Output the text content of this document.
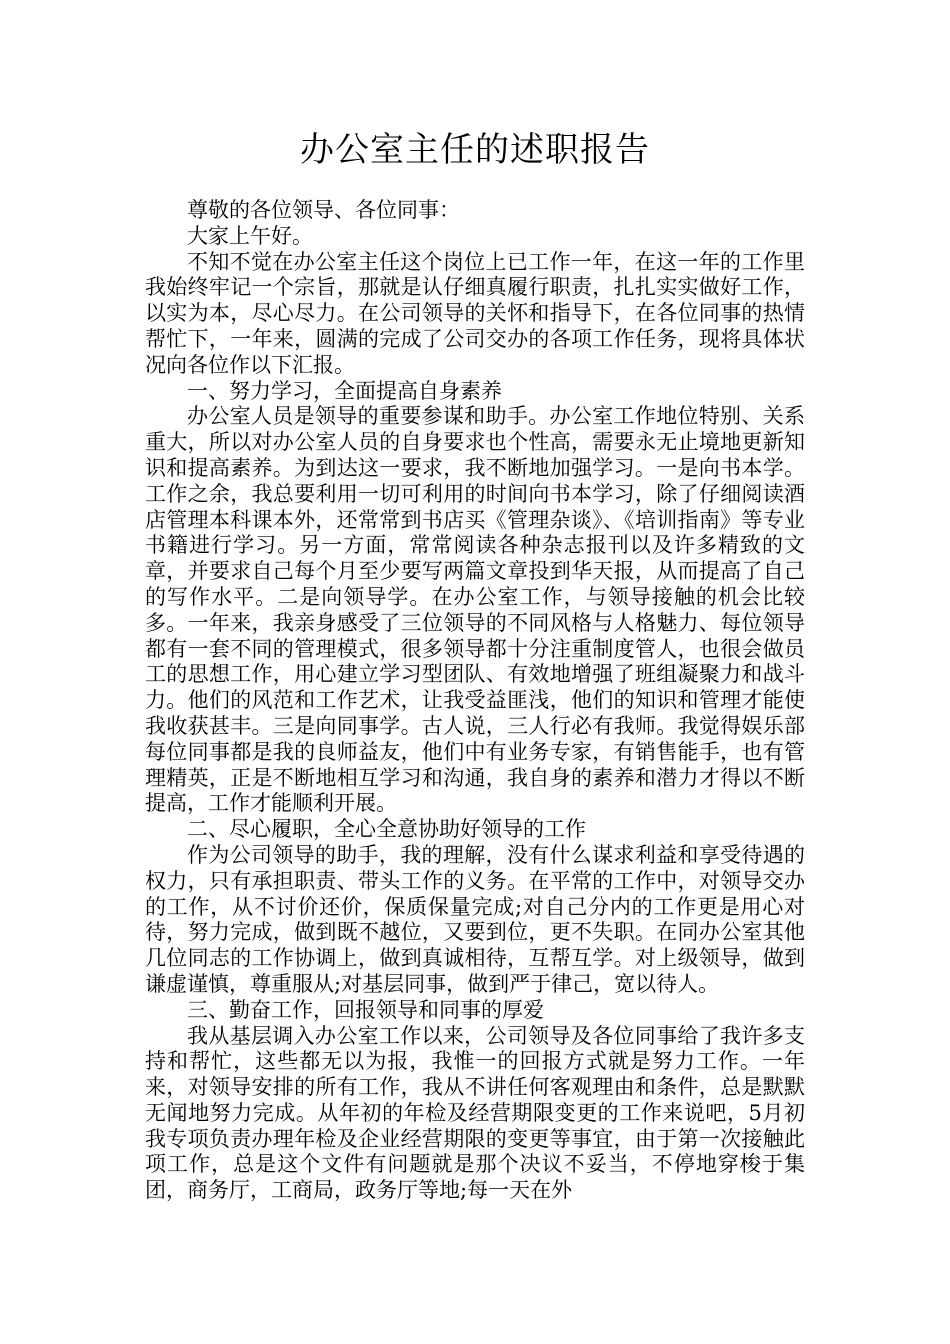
办公室主任的述职报告

尊敬的各位领导、各位同事：

大家上午好。

不知不觉在办公室主任这个岗位上已工作一年，在这一年的工作里我始终牢记一个宗旨，那就是认仔细真履行职责，扎扎实实做好工作，以实为本，尽心尽力。在公司领导的关怀和指导下，在各位同事的热情帮忙下，一年来，圆满的完成了公司交办的各项工作任务，现将具体状况向各位作以下汇报。

一、努力学习，全面提高自身素养

办公室人员是领导的重要参谋和助手。办公室工作地位特别、关系重大，所以对办公室人员的自身要求也个性高，需要永无止境地更新知识和提高素养。为到达这一要求，我不断地加强学习。一是向书本学。工作之余，我总要利用一切可利用的时间向书本学习，除了仔细阅读酒店管理本科课本外，还常常到书店买《管理杂谈》、《培训指南》等专业书籍进行学习。另一方面，常常阅读各种杂志报刊以及许多精致的文章，并要求自己每个月至少要写两篇文章投到华天报，从而提高了自己的写作水平。二是向领导学。在办公室工作，与领导接触的机会比较多。一年来，我亲身感受了三位领导的不同风格与人格魅力、每位领导都有一套不同的管理模式，很多领导都十分注重制度管人，也很会做员工的思想工作，用心建立学习型团队、有效地增强了班组凝聚力和战斗力。他们的风范和工作艺术，让我受益匪浅，他们的知识和管理才能使我收获甚丰。三是向同事学。古人说，三人行必有我师。我觉得娱乐部每位同事都是我的良师益友，他们中有业务专家，有销售能手，也有管理精英，正是不断地相互学习和沟通，我自身的素养和潜力才得以不断提高，工作才能顺利开展。

二、尽心履职，全心全意协助好领导的工作

作为公司领导的助手，我的理解，没有什么谋求利益和享受待遇的权力，只有承担职责、带头工作的义务。在平常的工作中，对领导交办的工作，从不讨价还价，保质保量完成;对自己分内的工作更是用心对待，努力完成，做到既不越位，又要到位，更不失职。在同办公室其他几位同志的工作协调上，做到真诚相待，互帮互学。对上级领导，做到谦虚谨慎，尊重服从;对基层同事，做到严于律己，宽以待人。

三、勤奋工作，回报领导和同事的厚爱

我从基层调入办公室工作以来，公司领导及各位同事给了我许多支持和帮忙，这些都无以为报，我惟一的回报方式就是努力工作。一年来，对领导安排的所有工作，我从不讲任何客观理由和条件，总是默默无闻地努力完成。从年初的年检及经营期限变更的工作来说吧，5月初我专项负责办理年检及企业经营期限的变更等事宜，由于第一次接触此项工作，总是这个文件有问题就是那个决议不妥当，不停地穿梭于集团，商务厅，工商局，政务厅等地;每一天在外
